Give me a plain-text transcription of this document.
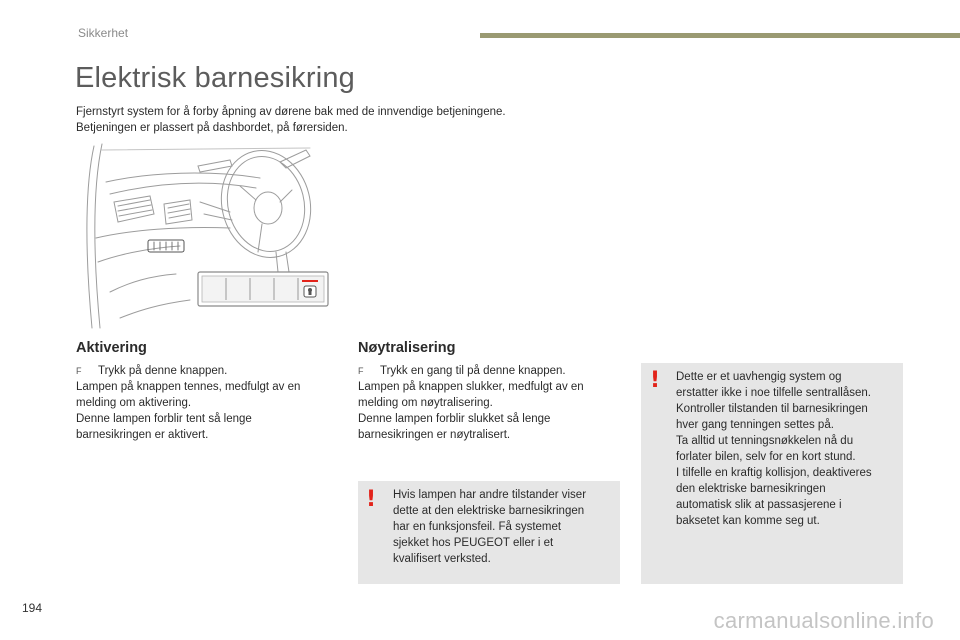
Sikkerhet
Elektrisk barnesikring
Fjernstyrt system for å forby åpning av dørene bak med de innvendige betjeningene.
Betjeningen er plassert på dashbordet, på førersiden.
Aktivering
F Trykk på denne knappen.
Lampen på knappen tennes, medfulgt av en
melding om aktivering.
Denne lampen forblir tent så lenge
barnesikringen er aktivert.
Nøytralisering
F Trykk en gang til på denne knappen.
Lampen på knappen slukker, medfulgt av en
melding om nøytralisering.
Denne lampen forblir slukket så lenge
barnesikringen er nøytralisert.
! Hvis lampen har andre tilstander viser
dette at den elektriske barnesikringen
har en funksjonsfeil. Få systemet
sjekket hos PEUGEOT eller i et
kvalifisert verksted.
! Dette er et uavhengig system og
erstatter ikke i noe tilfelle sentrallåsen.
Kontroller tilstanden til barnesikringen
hver gang tenningen settes på.
Ta alltid ut tenningsnøkkelen nå du
forlater bilen, selv for en kort stund.
I tilfelle en kraftig kollisjon, deaktiveres
den elektriske barnesikringen
automatisk slik at passasjerene i
baksetet kan komme seg ut.
194	carmanualsonline.info
